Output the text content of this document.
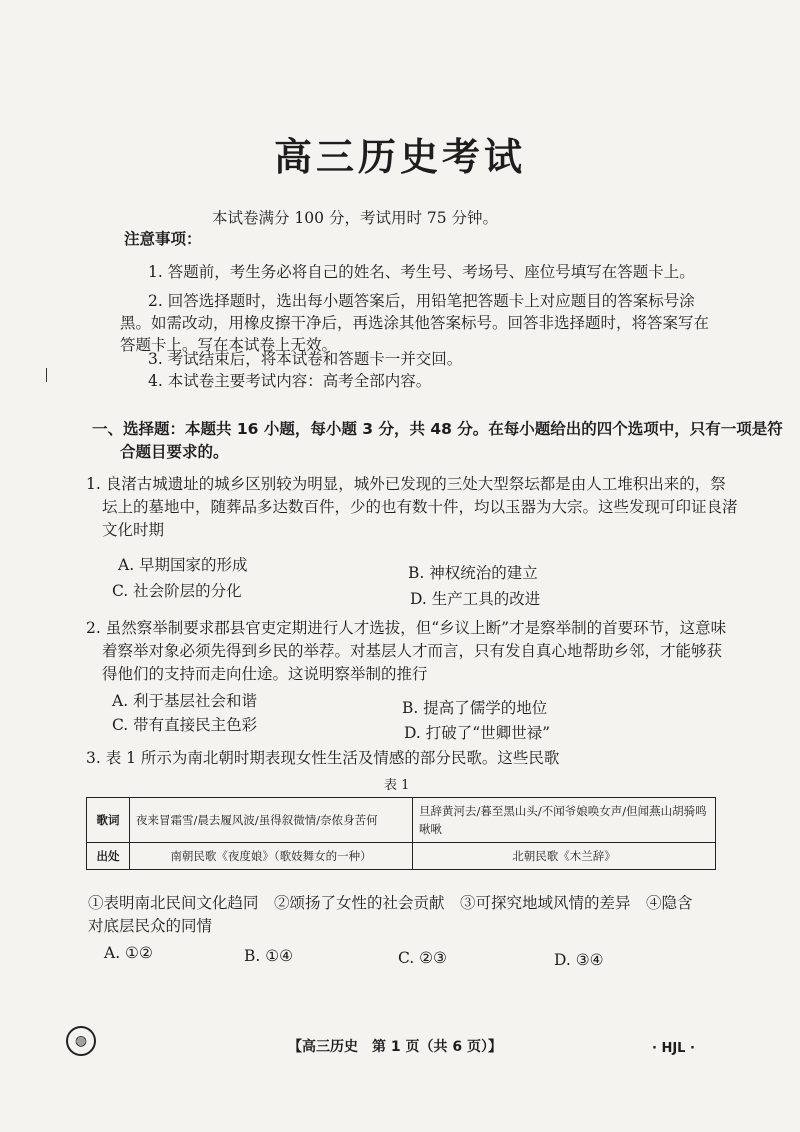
高三历史考试
本试卷满分 100 分，考试用时 75 分钟。
注意事项：
1. 答题前，考生务必将自己的姓名、考生号、考场号、座位号填写在答题卡上。
2. 回答选择题时，选出每小题答案后，用铅笔把答题卡上对应题目的答案标号涂
黑。如需改动，用橡皮擦干净后，再选涂其他答案标号。回答非选择题时，将答案写在
答题卡上。写在本试卷上无效。
3. 考试结束后，将本试卷和答题卡一并交回。
4. 本试卷主要考试内容：高考全部内容。
一、选择题：本题共 16 小题，每小题 3 分，共 48 分。在每小题给出的四个选项中，只有一项是符
合题目要求的。
1. 良渚古城遗址的城乡区别较为明显，城外已发现的三处大型祭坛都是由人工堆积出来的，祭
坛上的墓地中，随葬品多达数百件，少的也有数十件，均以玉器为大宗。这些发现可印证良渚
文化时期
A. 早期国家的形成	B. 神权统治的建立
C. 社会阶层的分化	D. 生产工具的改进
2. 虽然察举制要求郡县官吏定期进行人才选拔，但“乡议上断”才是察举制的首要环节，这意味
着察举对象必须先得到乡民的举荐。对基层人才而言，只有发自真心地帮助乡邻，才能够获
得他们的支持而走向仕途。这说明察举制的推行
A. 利于基层社会和谐	B. 提高了儒学的地位
C. 带有直接民主色彩	D. 打破了“世卿世禄”
3. 表 1 所示为南北朝时期表现女性生活及情感的部分民歌。这些民歌
表 1
歌词	夜来冒霜雪/晨去履风波/虽得叙微情/奈侬身苦何	旦辞黄河去/暮至黑山头/不闻爷娘唤女声/但闻燕山胡骑鸣啾啾
出处	南朝民歌《夜度娘》（歌妓舞女的一种）	北朝民歌《木兰辞》
①表明南北民间文化趋同　②颂扬了女性的社会贡献　③可探究地域风情的差异　④隐含
对底层民众的同情
A. ①②	B. ①④	C. ②③	D. ③④
◍	【高三历史　第 1 页（共 6 页）】	· HJL ·
